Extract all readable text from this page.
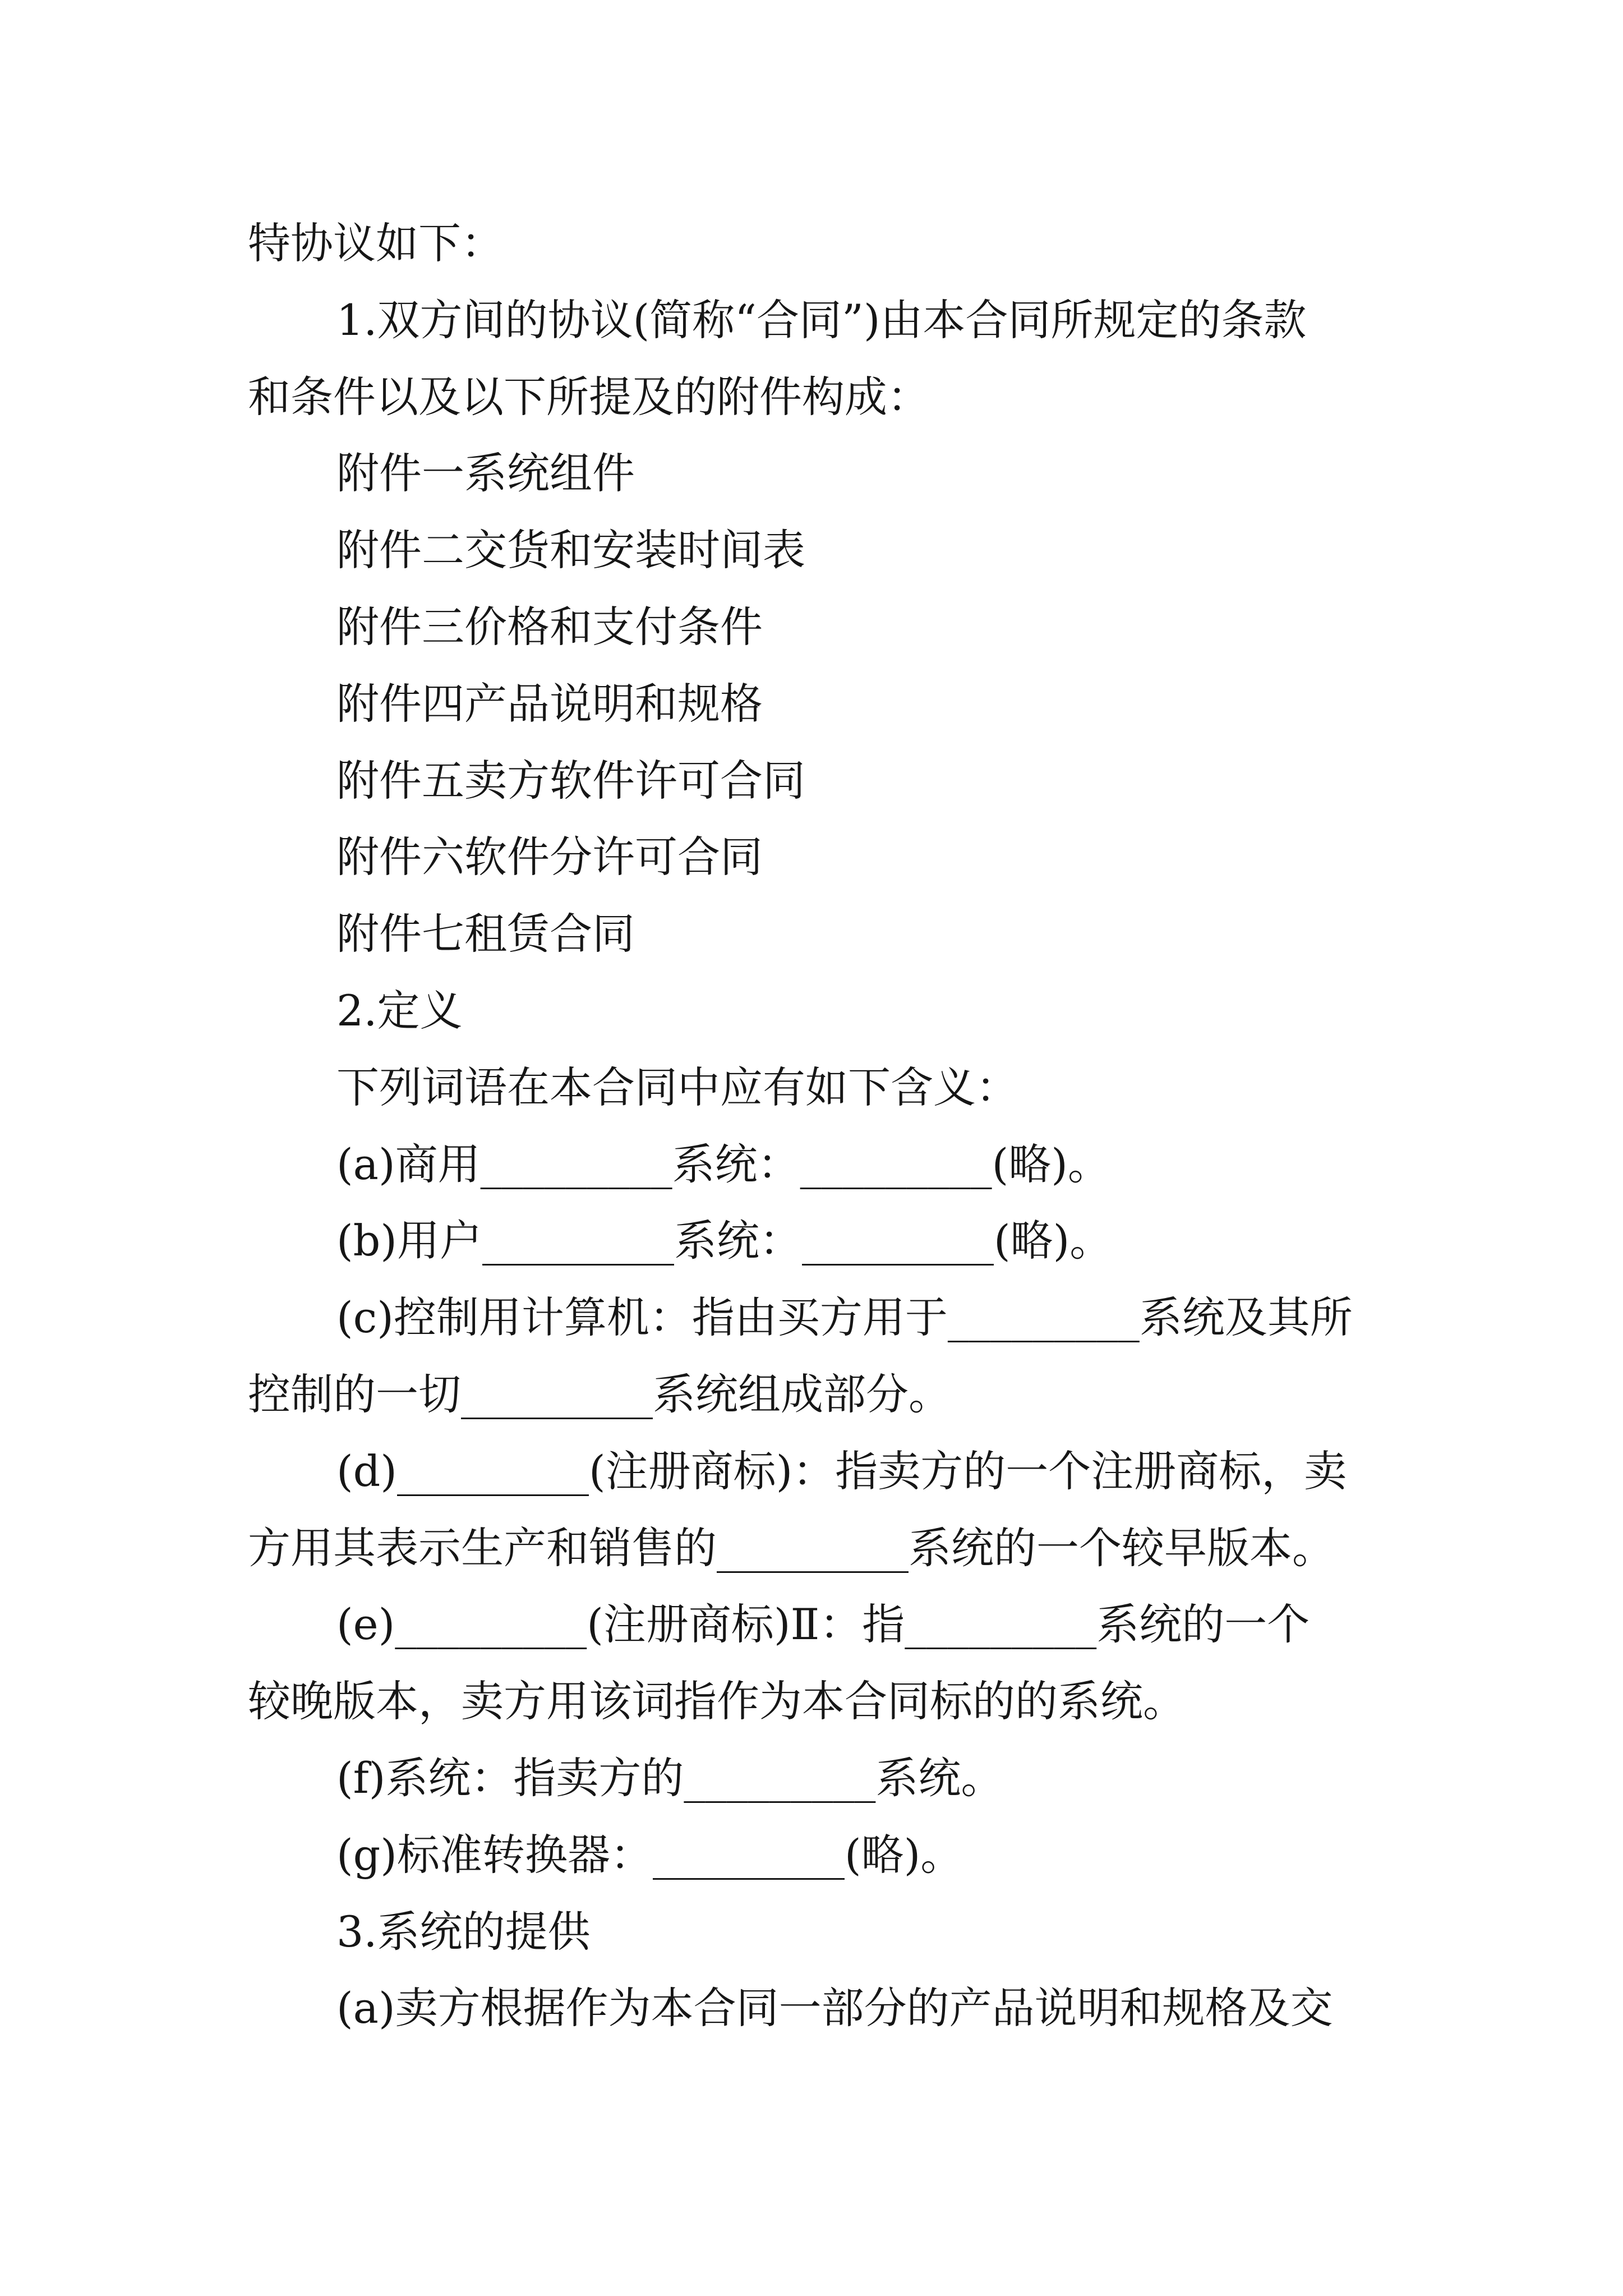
特协议如下：
1.双方间的协议(简称“合同”)由本合同所规定的条款
和条件以及以下所提及的附件构成：
附件一系统组件
附件二交货和安装时间表
附件三价格和支付条件
附件四产品说明和规格
附件五卖方软件许可合同
附件六软件分许可合同
附件七租赁合同
2.定义
下列词语在本合同中应有如下含义：
(a)商用_________系统：_________(略)。
(b)用户_________系统：_________(略)。
(c)控制用计算机：指由买方用于_________系统及其所
控制的一切_________系统组成部分。
(d)_________(注册商标)：指卖方的一个注册商标，卖
方用其表示生产和销售的_________系统的一个较早版本。
(e)_________(注册商标)Ⅱ：指_________系统的一个
较晚版本，卖方用该词指作为本合同标的的系统。
(f)系统：指卖方的_________系统。
(g)标准转换器：_________(略)。
3.系统的提供
(a)卖方根据作为本合同一部分的产品说明和规格及交
